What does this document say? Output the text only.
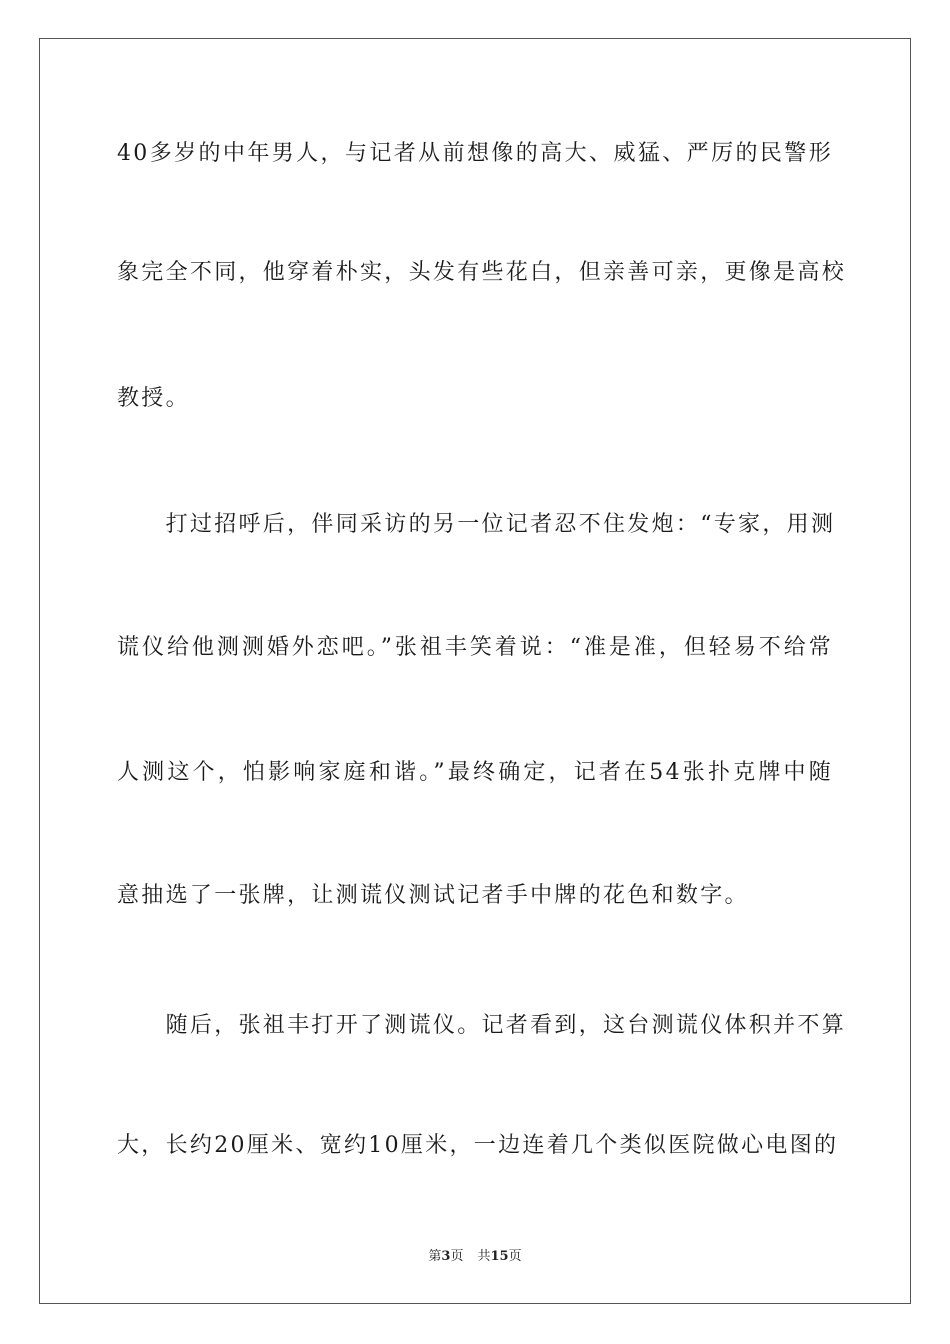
40多岁的中年男人，与记者从前想像的高大、威猛、严厉的民警形
象完全不同，他穿着朴实，头发有些花白，但亲善可亲，更像是高校
教授。
　　打过招呼后，伴同采访的另一位记者忍不住发炮：“专家，用测
谎仪给他测测婚外恋吧。”张祖丰笑着说：“准是准，但轻易不给常
人测这个，怕影响家庭和谐。”最终确定，记者在54张扑克牌中随
意抽选了一张牌，让测谎仪测试记者手中牌的花色和数字。
　　随后，张祖丰打开了测谎仪。记者看到，这台测谎仪体积并不算
大，长约20厘米、宽约10厘米，一边连着几个类似医院做心电图的
第3页 共15页
